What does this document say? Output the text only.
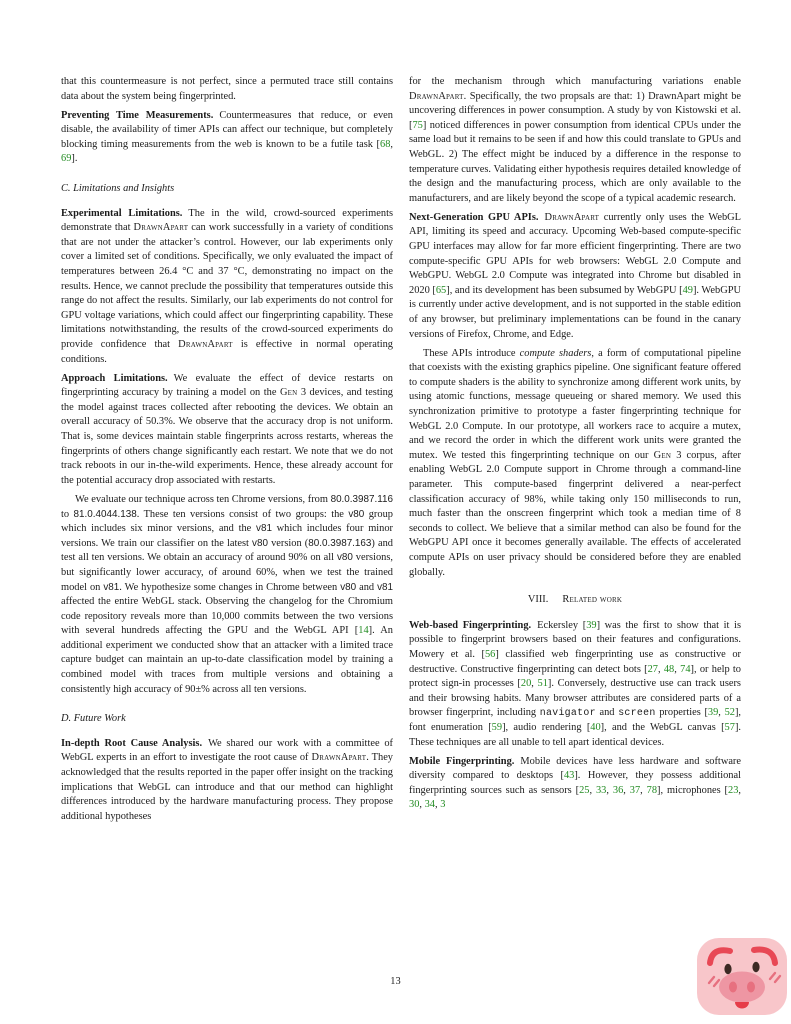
that this countermeasure is not perfect, since a permuted trace still contains data about the system being fingerprinted.
Preventing Time Measurements. Countermeasures that reduce, or even disable, the availability of timer APIs can affect our technique, but completely blocking timing measurements from the web is known to be a futile task [68, 69].
C. Limitations and Insights
Experimental Limitations. The in the wild, crowd-sourced experiments demonstrate that DrawnApart can work successfully in a variety of conditions that are not under the attacker’s control. However, our lab experiments only cover a limited set of conditions. Specifically, we only evaluated the impact of temperatures between 26.4 °C and 37 °C, demonstrating no impact on the results. Hence, we cannot preclude the possibility that temperatures outside this range do not affect the results. Similarly, our lab experiments do not control for GPU voltage variations, which could affect our fingerprinting capability. These limitations notwithstanding, the results of the crowd-sourced experiments do provide confidence that DrawnApart is effective in normal operating conditions.
Approach Limitations. We evaluate the effect of device restarts on fingerprinting accuracy by training a model on the Gen 3 devices, and testing the model against traces collected after rebooting the devices. We obtain an overall accuracy of 50.3%. We observe that the accuracy drop is not uniform. That is, some devices maintain stable fingerprints across restarts, whereas the fingerprints of others change significantly each restart. We note that we do not track reboots in our in-the-wild experiments. Hence, these already account for the potential accuracy drop associated with restarts.
We evaluate our technique across ten Chrome versions, from 80.0.3987.116 to 81.0.4044.138. These ten versions consist of two groups: the v80 group which includes six minor versions, and the v81 which includes four minor versions. We train our classifier on the latest v80 version (80.0.3987.163) and test all ten versions. We obtain an accuracy of around 90% on all v80 versions, but significantly lower accuracy, of around 60%, when we test the trained model on v81. We hypothesize some changes in Chrome between v80 and v81 affected the entire WebGL stack. Observing the changelog for the Chromium code repository reveals more than 10,000 commits between the two versions with several hundreds affecting the GPU and the WebGL API [14]. An additional experiment we conducted show that an attacker with a limited trace capture budget can maintain an up-to-date classification model by training a combined model with traces from multiple versions and obtaining a consistently high accuracy of 90±% across all ten versions.
D. Future Work
In-depth Root Cause Analysis. We shared our work with a committee of WebGL experts in an effort to investigate the root cause of DrawnApart. They acknowledged that the results reported in the paper offer insight on the tracking implications that WebGL can introduce and that our method can highlight differences introduced by the hardware manufacturing process. They propose additional hypotheses
for the mechanism through which manufacturing variations enable DrawnApart. Specifically, the two propsals are that: 1) DrawnApart might be uncovering differences in power consumption. A study by von Kistowski et al. [75] noticed differences in power consumption from identical CPUs under the same load but it remains to be seen if and how this could translate to GPUs and WebGL. 2) The effect might be induced by a difference in the response to temperature curves. Validating either hypothesis requires detailed knowledge of the design and the manufacturing process, which are only available to the manufacturers, and are likely beyond the scope of a typical academic research.
Next-Generation GPU APIs. DrawnApart currently only uses the WebGL API, limiting its speed and accuracy. Upcoming Web-based compute-specific GPU interfaces may allow for far more efficient fingerprinting. There are two compute-specific GPU APIs for web browsers: WebGL 2.0 Compute and WebGPU. WebGL 2.0 Compute was integrated into Chrome but disabled in 2020 [65], and its development has been subsumed by WebGPU [49]. WebGPU is currently under active development, and is not supported in the stable edition of any browser, but preliminary implementations can be found in the canary versions of Firefox, Chrome, and Edge.
These APIs introduce compute shaders, a form of computational pipeline that coexists with the existing graphics pipeline. One significant feature offered to compute shaders is the ability to synchronize among different work units, by using atomic functions, message queueing or shared memory. We used this synchronization primitive to prototype a faster fingerprinting technique for WebGL 2.0 Compute. In our prototype, all workers race to acquire a mutex, and we record the order in which the different work units were granted the mutex. We tested this fingerprinting technique on our Gen 3 corpus, after enabling WebGL 2.0 Compute support in Chrome through a command-line parameter. This compute-based fingerprint delivered a near-perfect classification accuracy of 98%, while taking only 150 milliseconds to run, much faster than the onscreen fingerprint which took a median time of 8 seconds to collect. We believe that a similar method can also be found for the WebGPU API once it becomes generally available. The effects of accelerated compute APIs on user privacy should be considered before they are enabled globally.
VIII. Related work
Web-based Fingerprinting. Eckersley [39] was the first to show that it is possible to fingerprint browsers based on their features and configurations. Mowery et al. [56] classified web fingerprinting use as constructive or destructive. Constructive fingerprinting can detect bots [27, 48, 74], or help to protect sign-in processes [20, 51]. Conversely, destructive use can track users and their browsing habits. Many browser attributes are considered parts of a browser fingerprint, including navigator and screen properties [39, 52], font enumeration [59], audio rendering [40], and the WebGL canvas [57]. These techniques are all unable to tell apart identical devices.
Mobile Fingerprinting. Mobile devices have less hardware and software diversity compared to desktops [43]. However, they possess additional fingerprinting sources such as sensors [25, 33, 36, 37, 78], microphones [23, 30, 34, 3
13
